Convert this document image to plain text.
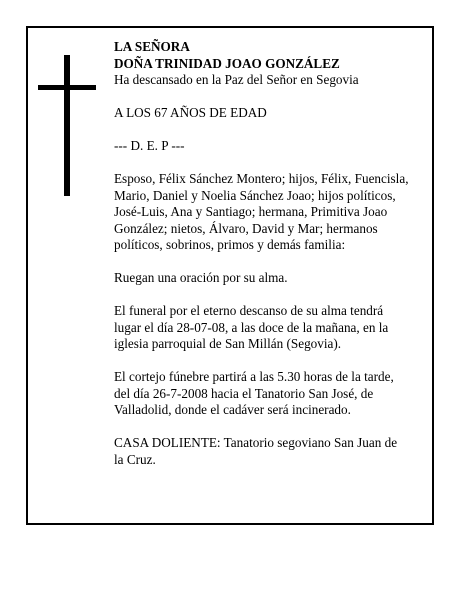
LA SEÑORA
DOÑA TRINIDAD JOAO GONZÁLEZ
Ha descansado en la Paz del Señor en Segovia
A LOS 67 AÑOS DE EDAD
--- D. E. P ---
Esposo, Félix Sánchez Montero; hijos, Félix, Fuencisla,
Mario, Daniel y Noelia Sánchez Joao; hijos políticos,
José-Luis, Ana y Santiago; hermana, Primitiva Joao
González; nietos, Álvaro, David y Mar; hermanos
políticos, sobrinos, primos y demás familia:
Ruegan una oración por su alma.
El funeral por el eterno descanso de su alma tendrá
lugar el día 28-07-08, a las doce de la mañana, en la
iglesia parroquial de San Millán (Segovia).
El cortejo fúnebre partirá a las 5.30 horas de la tarde,
del día 26-7-2008 hacia el Tanatorio San José, de
Valladolid, donde el cadáver será incinerado.
CASA DOLIENTE: Tanatorio segoviano San Juan de
la Cruz.
